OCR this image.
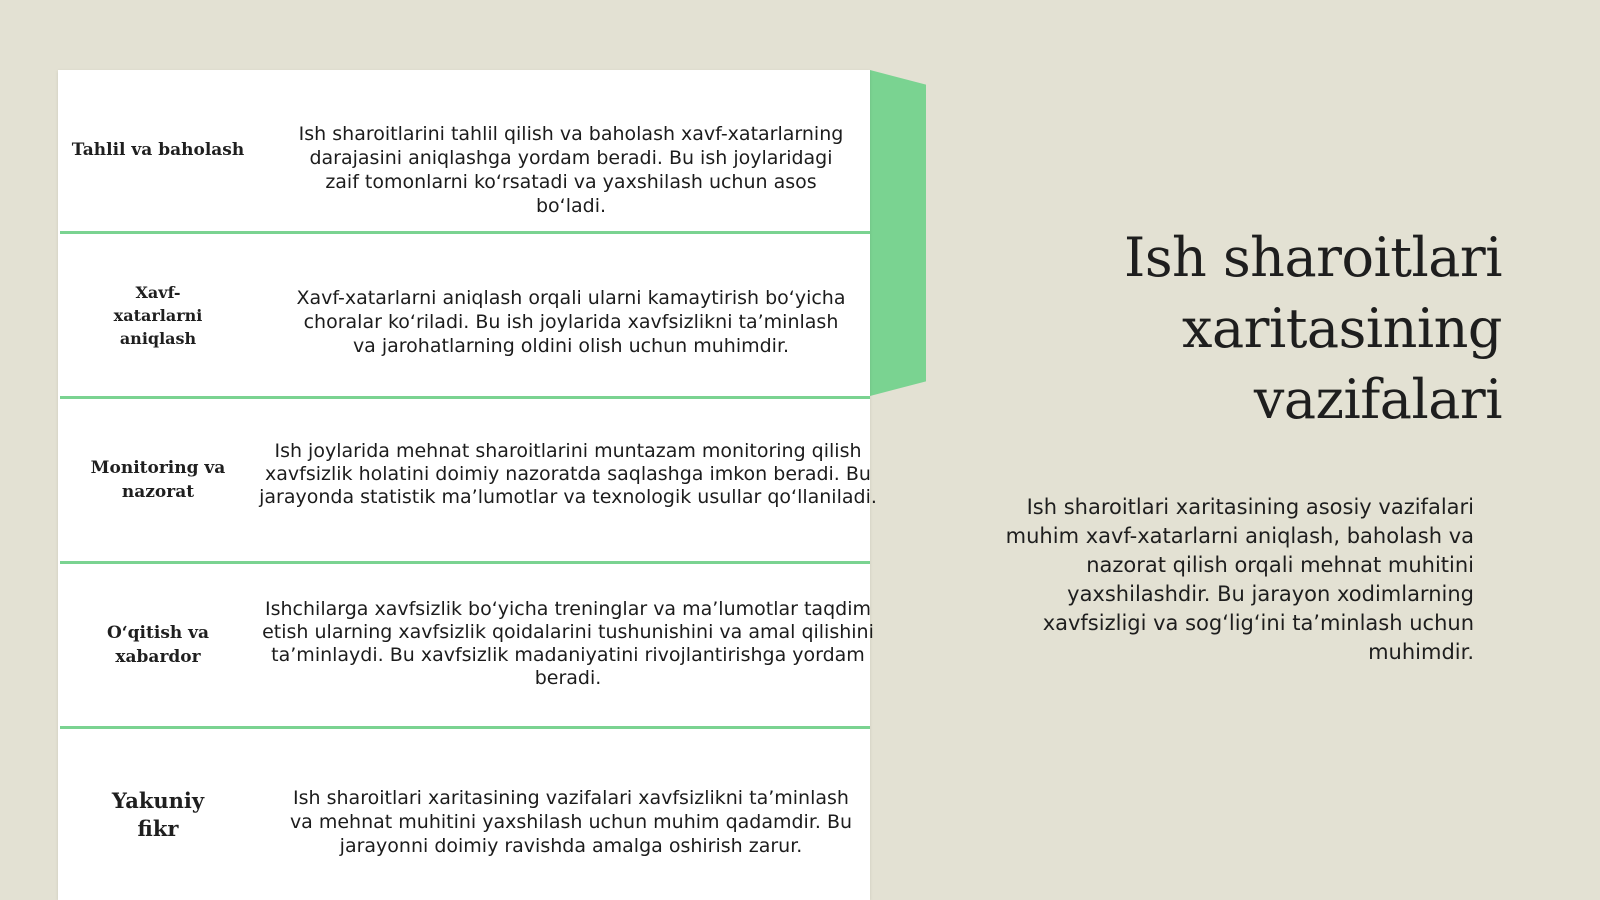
Tahlil va baholash
Ish sharoitlarini tahlil qilish va baholash xavf-xatarlarning darajasini aniqlashga yordam beradi. Bu ish joylaridagi zaif tomonlarni ko‘rsatadi va yaxshilash uchun asos bo‘ladi.
Xavf-xatarlarni aniqlash
Xavf-xatarlarni aniqlash orqali ularni kamaytirish bo‘yicha choralar ko‘riladi. Bu ish joylarida xavfsizlikni ta’minlash va jarohatlarning oldini olish uchun muhimdir.
Monitoring va nazorat
Ish joylarida mehnat sharoitlarini muntazam monitoring qilish xavfsizlik holatini doimiy nazoratda saqlashga imkon beradi. Bu jarayonda statistik ma’lumotlar va texnologik usullar qo‘llaniladi.
O‘qitish va xabardor
Ishchilarga xavfsizlik bo‘yicha treninglar va ma’lumotlar taqdim etish ularning xavfsizlik qoidalarini tushunishini va amal qilishini ta’minlaydi. Bu xavfsizlik madaniyatini rivojlantirishga yordam beradi.
Yakuniy fikr
Ish sharoitlari xaritasining vazifalari xavfsizlikni ta’minlash va mehnat muhitini yaxshilash uchun muhim qadamdir. Bu jarayonni doimiy ravishda amalga oshirish zarur.
Ish sharoitlari xaritasining vazifalari
Ish sharoitlari xaritasining asosiy vazifalari muhim xavf-xatarlarni aniqlash, baholash va nazorat qilish orqali mehnat muhitini yaxshilashdir. Bu jarayon xodimlarning xavfsizligi va sog‘lig‘ini ta’minlash uchun muhimdir.
